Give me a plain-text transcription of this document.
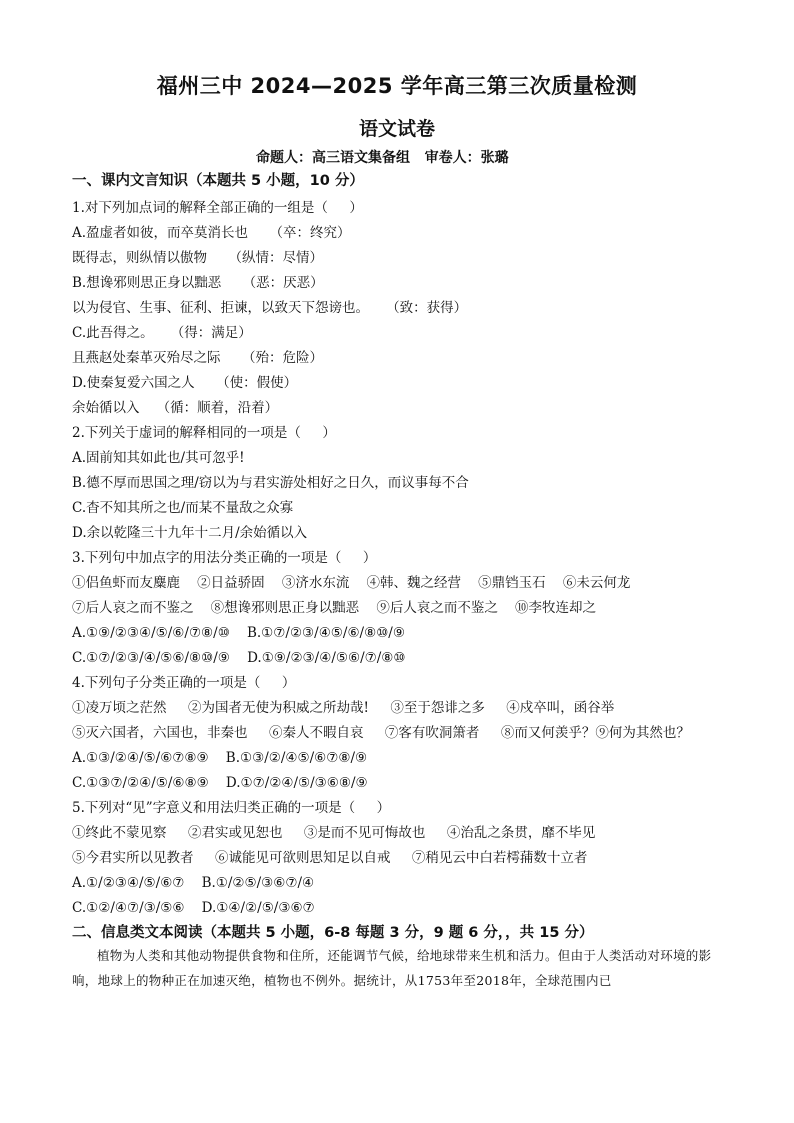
福州三中 2024—2025 学年高三第三次质量检测
语文试卷
命题人：高三语文集备组   审卷人：张璐
一、课内文言知识（本题共 5 小题，10 分）
1.对下列加点词的解释全部正确的一组是（     ）
A.盈虚者如彼，而卒莫消长也     （卒：终究）
既得志，则纵情以傲物     （纵情：尽情）
B.想谗邪则思正身以黜恶     （恶：厌恶）
以为侵官、生事、征利、拒谏，以致天下怨谤也。    （致：获得）
C.此吾得之。    （得：满足）
且燕赵处秦革灭殆尽之际     （殆：危险）
D.使秦复爱六国之人     （使：假使）
余始循以入    （循：顺着，沿着）
2.下列关于虚词的解释相同的一项是（     ）
A.固前知其如此也/其可忽乎!
B.德不厚而思国之理/窃以为与君实游处相好之日久，而议事每不合
C.杳不知其所之也/而某不量敌之众寡
D.余以乾隆三十九年十二月/余始循以入
3.下列句中加点字的用法分类正确的一项是（     ）
①侣鱼虾而友麋鹿    ②日益骄固    ③济水东流    ④韩、魏之经营    ⑤鼎铛玉石    ⑥未云何龙
⑦后人哀之而不鉴之    ⑧想谗邪则思正身以黜恶    ⑨后人哀之而不鉴之    ⑩李牧连却之
A.①⑨/②③④/⑤/⑥/⑦⑧/⑩    B.①⑦/②③/④⑤/⑥/⑧⑩/⑨
C.①⑦/②③/④/⑤⑥/⑧⑩/⑨    D.①⑨/②③/④/⑤⑥/⑦/⑧⑩
4.下列句子分类正确的一项是（     ）
①凌万顷之茫然     ②为国者无使为积威之所劫哉!     ③至于怨诽之多     ④戍卒叫，函谷举
⑤灭六国者，六国也，非秦也     ⑥秦人不暇自哀     ⑦客有吹洞箫者     ⑧而又何羡乎？⑨何为其然也？
A.①③/②④/⑤/⑥⑦⑧⑨    B.①③/②/④⑤/⑥⑦⑧/⑨
C.①③⑦/②④/⑤/⑥⑧⑨    D.①⑦/②④/⑤/③⑥⑧/⑨
5.下列对“见”字意义和用法归类正确的一项是（     ）
①终此不蒙见察     ②君实或见恕也     ③是而不见可悔故也     ④治乱之条贯，靡不毕见
⑤今君实所以见教者     ⑥诚能见可欲则思知足以自戒     ⑦稍见云中白若樗蒱数十立者
A.①/②③④/⑤/⑥⑦    B.①/②⑤/③⑥⑦/④
C.①②/④⑦/③/⑤⑥    D.①④/②/⑤/③⑥⑦
二、信息类文本阅读（本题共 5 小题，6-8 每题 3 分，9 题 6 分，，共 15 分）
植物为人类和其他动物提供食物和住所，还能调节气候，给地球带来生机和活力。但由于人类活动对环境的影响，地球上的物种正在加速灭绝，植物也不例外。据统计，从1753年至2018年，全球范围内已
